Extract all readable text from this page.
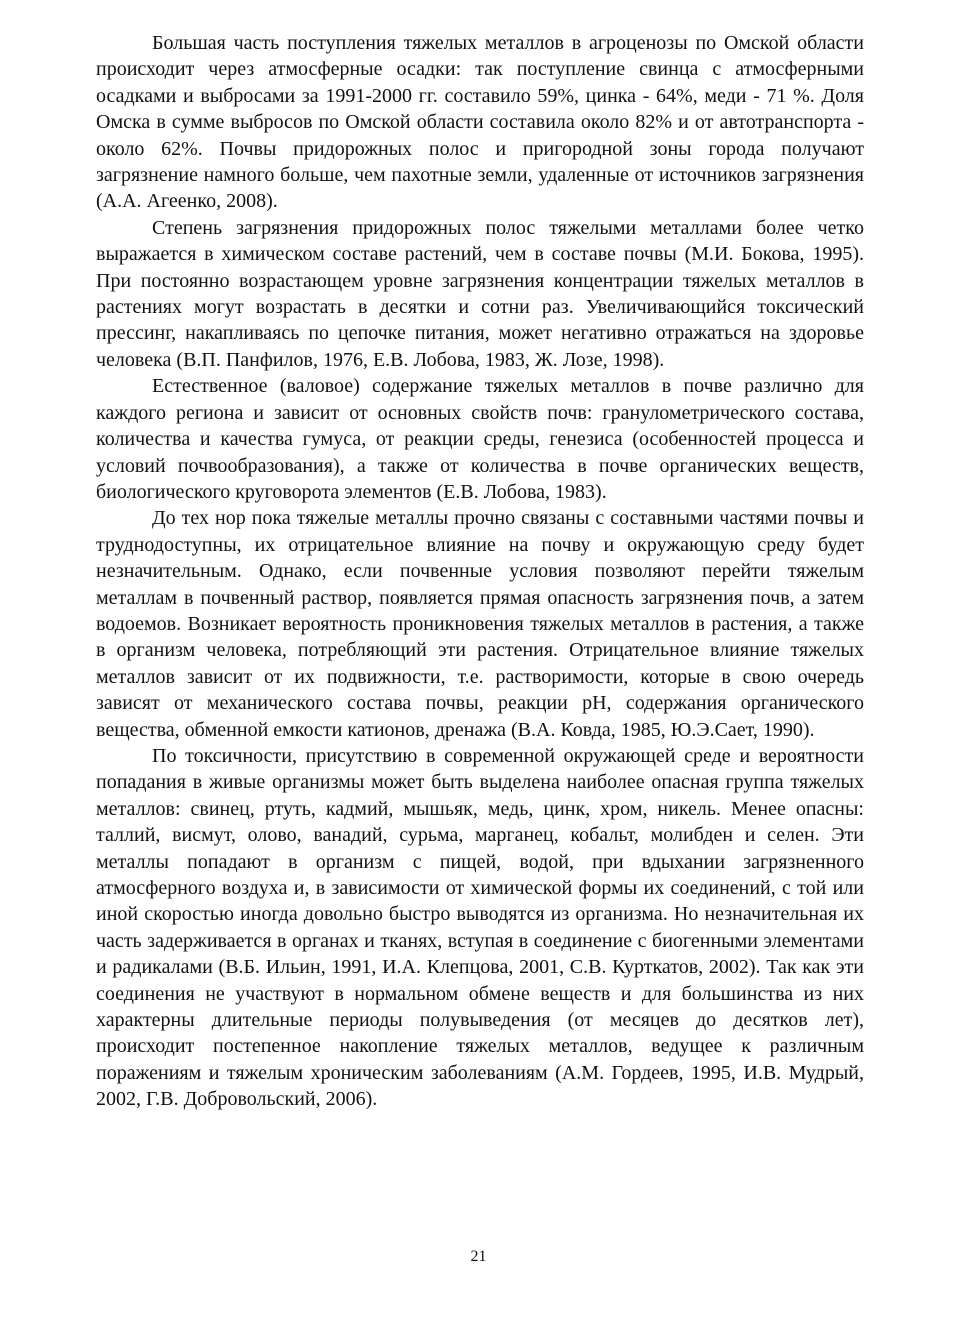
Большая часть поступления тяжелых металлов в агроценозы по Омской области происходит через атмосферные осадки: так поступление свинца с атмосферными осадками и выбросами за 1991-2000 гг. составило 59%, цинка - 64%, меди - 71 %. Доля Омска в сумме выбросов по Омской области составила около 82% и от автотранспорта - около 62%. Почвы придорожных полос и пригородной зоны города получают загрязнение намного больше, чем пахотные земли, удаленные от источников загрязнения (А.А. Агеенко, 2008).

Степень загрязнения придорожных полос тяжелыми металлами более четко выражается в химическом составе растений, чем в составе почвы (М.И. Бокова, 1995). При постоянно возрастающем уровне загрязнения концентрации тяжелых металлов в растениях могут возрастать в десятки и сотни раз. Увеличивающийся токсический прессинг, накапливаясь по цепочке питания, может негативно отражаться на здоровье человека (В.П. Панфилов, 1976, Е.В. Лобова, 1983, Ж. Лозе, 1998).

Естественное (валовое) содержание тяжелых металлов в почве различно для каждого региона и зависит от основных свойств почв: гранулометрического состава, количества и качества гумуса, от реакции среды, генезиса (особенностей процесса и условий почвообразования), а также от количества в почве органических веществ, биологического круговорота элементов (Е.В. Лобова, 1983).

До тех нор пока тяжелые металлы прочно связаны с составными частями почвы и труднодоступны, их отрицательное влияние на почву и окружающую среду будет незначительным. Однако, если почвенные условия позволяют перейти тяжелым металлам в почвенный раствор, появляется прямая опасность загрязнения почв, а затем водоемов. Возникает вероятность проникновения тяжелых металлов в растения, а также в организм человека, потребляющий эти растения. Отрицательное влияние тяжелых металлов зависит от их подвижности, т.е. растворимости, которые в свою очередь зависят от механического состава почвы, реакции pH, содержания органического вещества, обменной емкости катионов, дренажа (В.А. Ковда, 1985, Ю.Э.Сает, 1990).

По токсичности, присутствию в современной окружающей среде и вероятности попадания в живые организмы может быть выделена наиболее опасная группа тяжелых металлов: свинец, ртуть, кадмий, мышьяк, медь, цинк, хром, никель. Менее опасны: таллий, висмут, олово, ванадий, сурьма, марганец, кобальт, молибден и селен. Эти металлы попадают в организм с пищей, водой, при вдыхании загрязненного атмосферного воздуха и, в зависимости от химической формы их соединений, с той или иной скоростью иногда довольно быстро выводятся из организма. Но незначительная их часть задерживается в органах и тканях, вступая в соединение с биогенными элементами и радикалами (В.Б. Ильин, 1991, И.А. Клепцова, 2001, С.В. Курткатов, 2002). Так как эти соединения не участвуют в нормальном обмене веществ и для большинства из них характерны длительные периоды полувыведения (от месяцев до десятков лет), происходит постепенное накопление тяжелых металлов, ведущее к различным поражениям и тяжелым хроническим заболеваниям (А.М. Гордеев, 1995, И.В. Мудрый, 2002, Г.В. Добровольский, 2006).

21
